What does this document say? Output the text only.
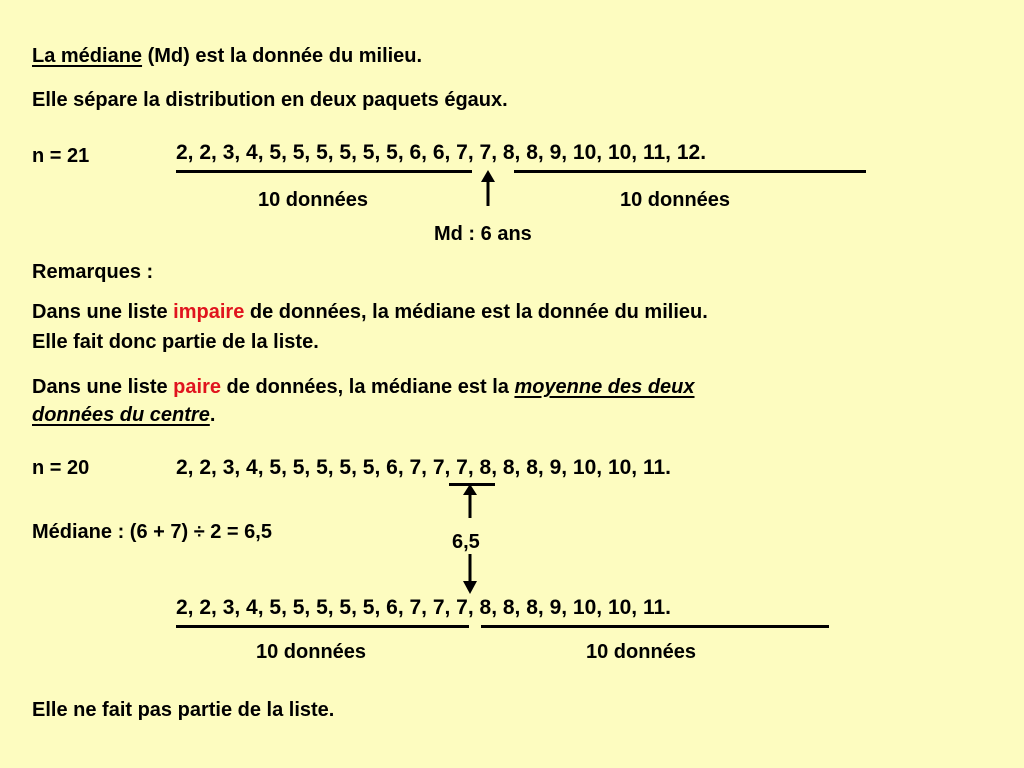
La médiane (Md) est la donnée du milieu.
Elle sépare la distribution en deux paquets égaux.
n = 21	2, 2, 3, 4, 5, 5, 5, 5, 5, 5, 6, 6, 7, 7, 8, 8, 9, 10, 10, 11, 12.
10 données	10 données
Md : 6 ans
Remarques :
Dans une liste impaire de données, la médiane est la donnée du milieu.
Elle fait donc partie de la liste.
Dans une liste paire de données, la médiane est la moyenne des deux
données du centre.
n = 20	2, 2, 3, 4, 5, 5, 5, 5, 5, 6, 7, 7, 7, 8, 8, 8, 9, 10, 10, 11.
Médiane : (6 + 7) ÷ 2 = 6,5	6,5
2, 2, 3, 4, 5, 5, 5, 5, 5, 6, 7, 7, 7, 8, 8, 8, 9, 10, 10, 11.
10 données	10 données
Elle ne fait pas partie de la liste.
